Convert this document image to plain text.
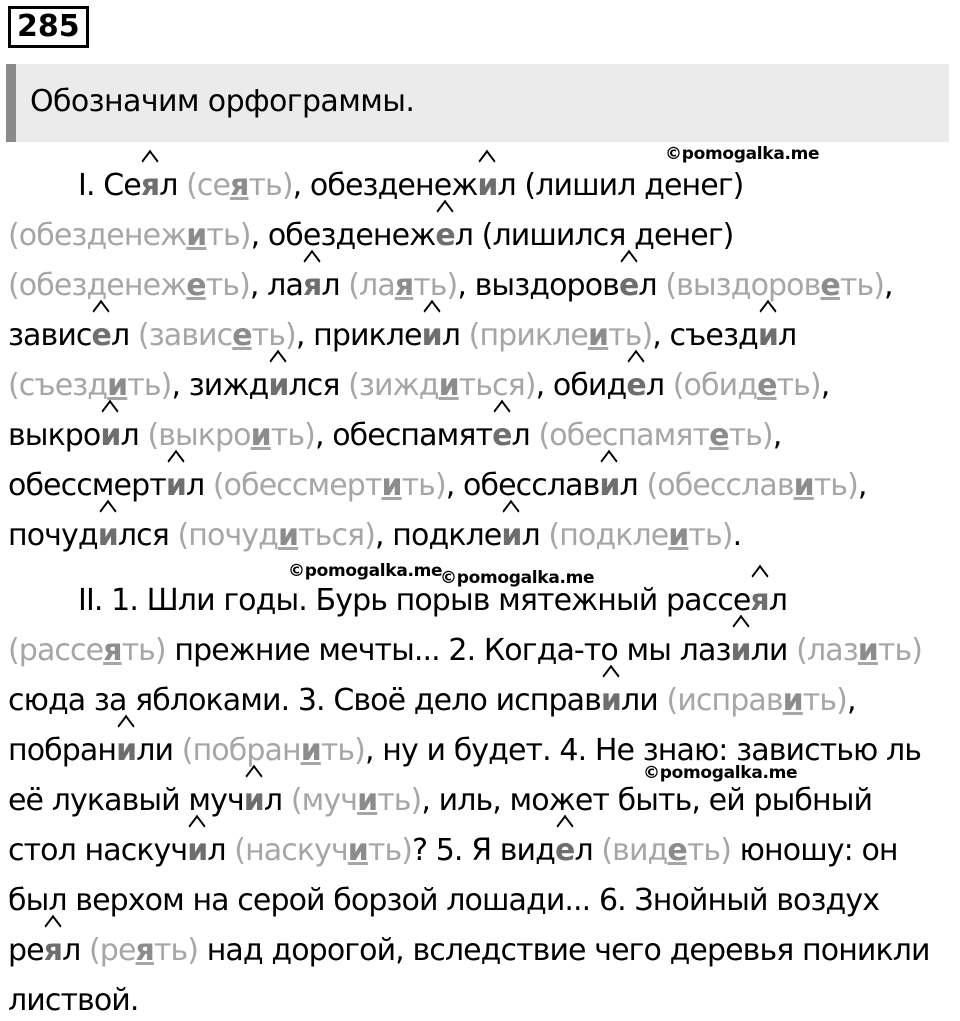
285
Обозначим орфограммы.
©pomogalka.me
©pomogalka.me
©pomogalka.me
©pomogalka.me
I. Сеял (сеять), обезденежил (лишил денег)
(обезденежить), обезденежел (лишился денег)
(обезденежеть), лаял (лаять), выздоровел (выздороветь),
зависел (зависеть), приклeил (приклeить), съездил
(съездить), зиждился (зиждиться), обидел (обидеть),
выкроил (выкроить), обеспамятел (обеспамятеть),
обессмертил (обессмертить), обесславил (обесславить),
почудился (почудиться), подклeил (подклeить).
II. 1. Шли годы. Бурь порыв мятежный рассеял
(рассеять) прежние мечты... 2. Когда-то мы лазили (лазить)
сюда за яблоками. 3. Своё дело исправили (исправить),
побранили (побранить), ну и будет. 4. Не знаю: завистью ль
её лукавый мучил (мучить), иль, может быть, ей рыбный
стол наскучил (наскучить)? 5. Я видел (видеть) юношу: он
был верхом на серой борзой лошади... 6. Знойный воздух
реял (реять) над дорогой, вследствие чего деревья поникли
листвой.
